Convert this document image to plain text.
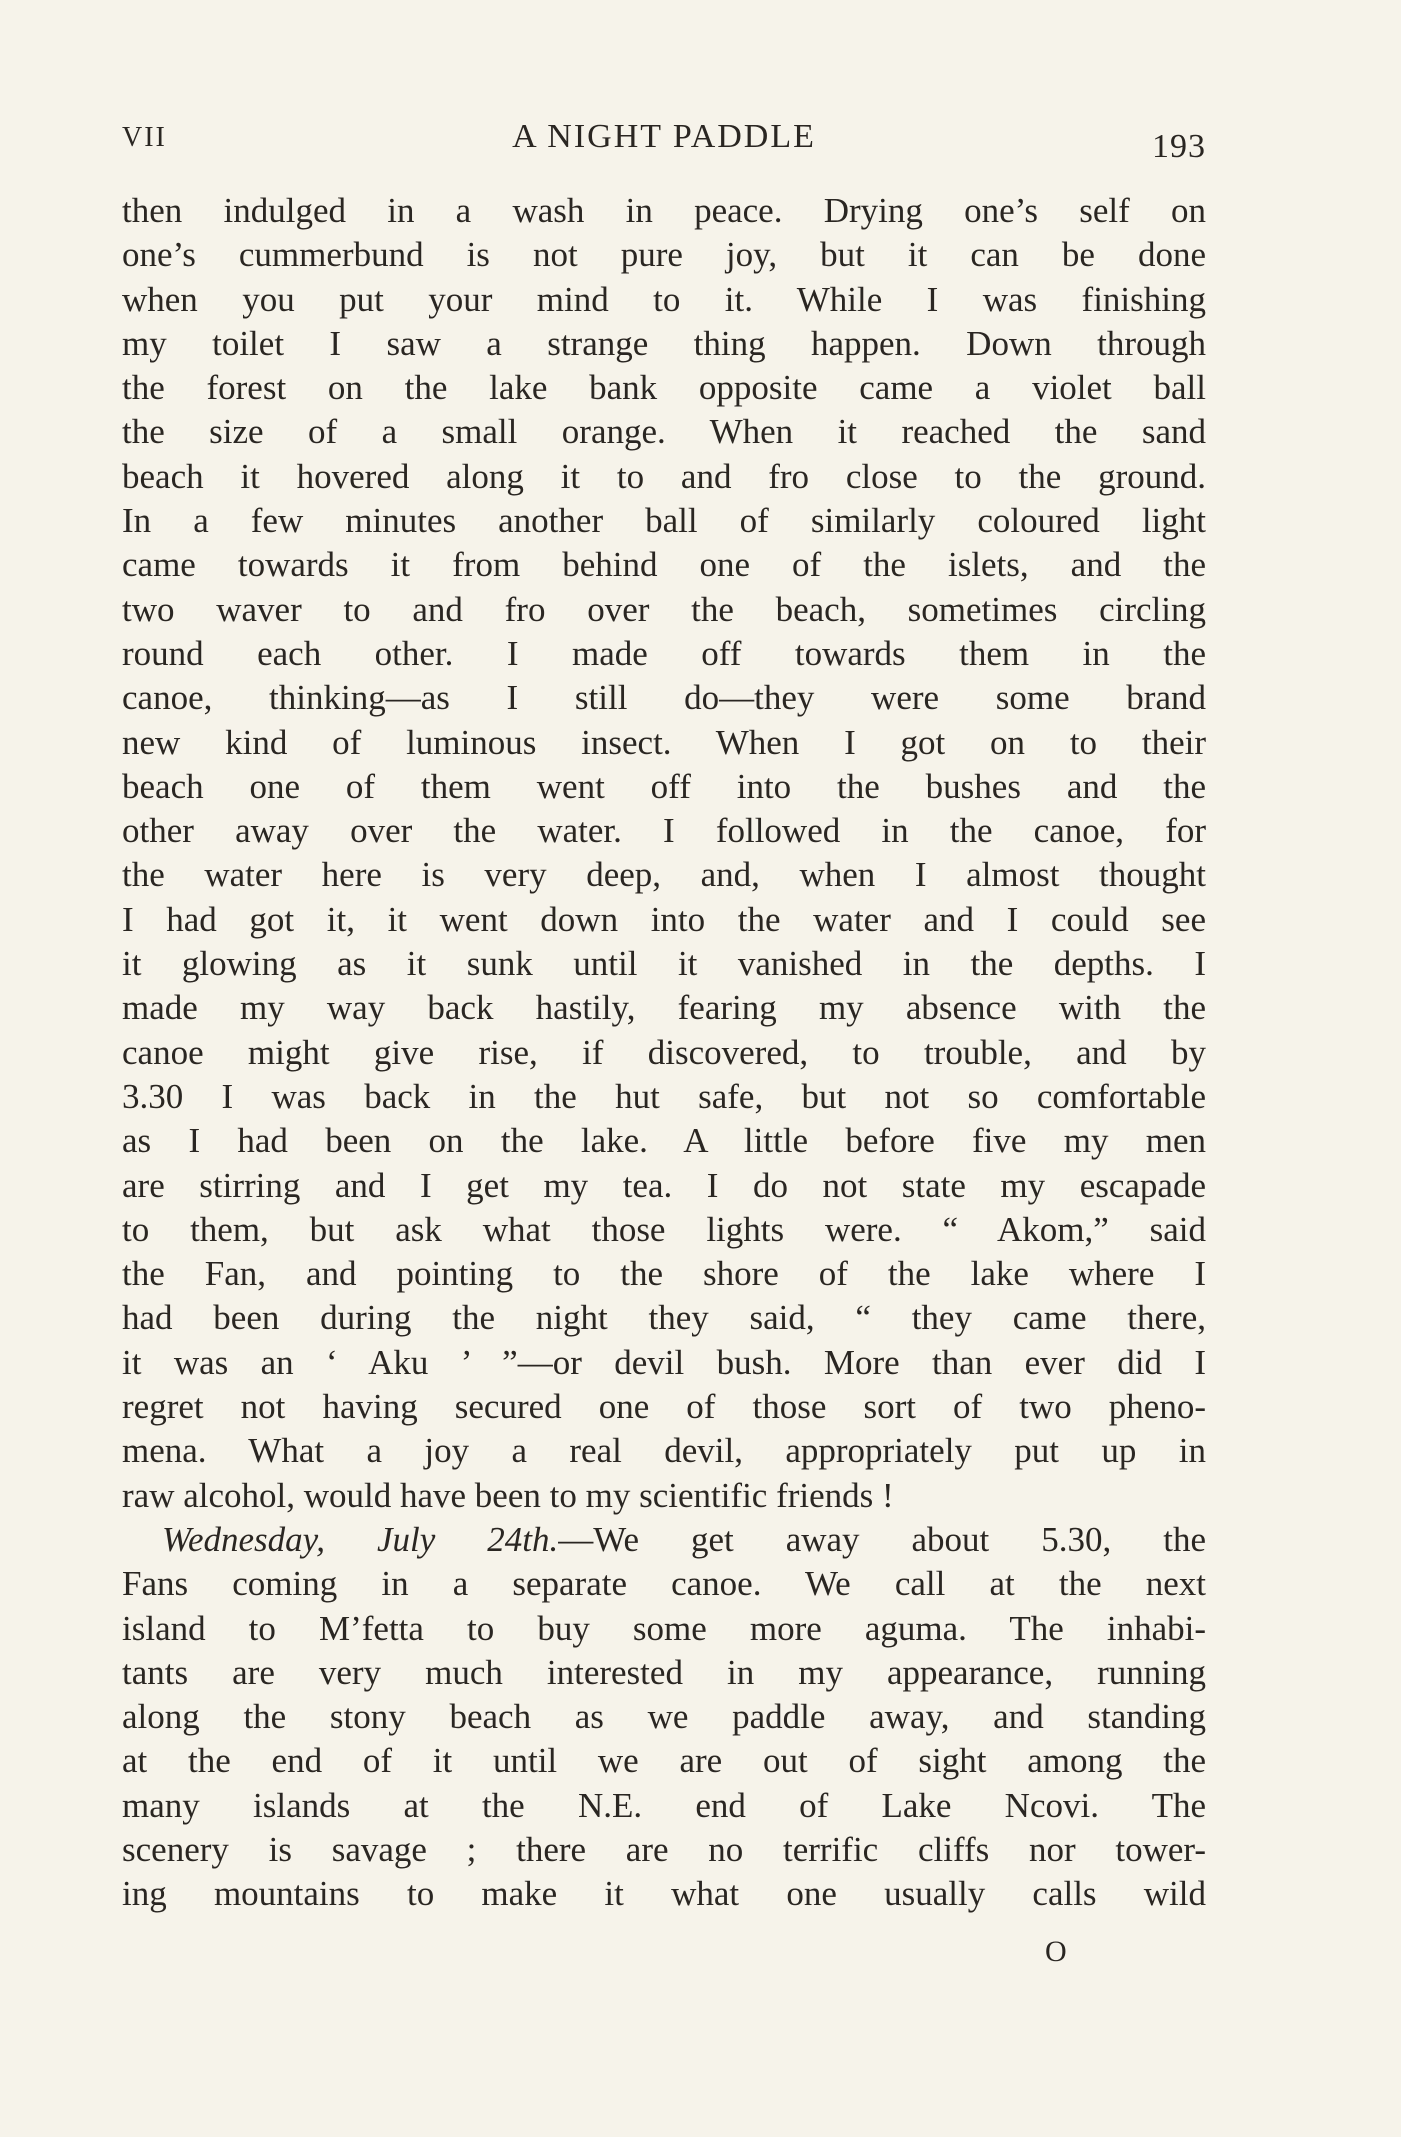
VII	A NIGHT PADDLE	193
then indulged in a wash in peace. Drying one’s self on
one’s cummerbund is not pure joy, but it can be done
when you put your mind to it. While I was finishing
my toilet I saw a strange thing happen. Down through
the forest on the lake bank opposite came a violet ball
the size of a small orange. When it reached the sand
beach it hovered along it to and fro close to the ground.
In a few minutes another ball of similarly coloured light
came towards it from behind one of the islets, and the
two waver to and fro over the beach, sometimes circling
round each other. I made off towards them in the
canoe, thinking—as I still do—they were some brand
new kind of luminous insect. When I got on to their
beach one of them went off into the bushes and the
other away over the water. I followed in the canoe, for
the water here is very deep, and, when I almost thought
I had got it, it went down into the water and I could see
it glowing as it sunk until it vanished in the depths. I
made my way back hastily, fearing my absence with the
canoe might give rise, if discovered, to trouble, and by
3.30 I was back in the hut safe, but not so comfortable
as I had been on the lake. A little before five my men
are stirring and I get my tea. I do not state my escapade
to them, but ask what those lights were. “ Akom,” said
the Fan, and pointing to the shore of the lake where I
had been during the night they said, “ they came there,
it was an ‘ Aku ’ ”—or devil bush. More than ever did I
regret not having secured one of those sort of two pheno-
mena. What a joy a real devil, appropriately put up in
raw alcohol, would have been to my scientific friends !
Wednesday, July 24th.—We get away about 5.30, the
Fans coming in a separate canoe. We call at the next
island to M’fetta to buy some more aguma. The inhabi-
tants are very much interested in my appearance, running
along the stony beach as we paddle away, and standing
at the end of it until we are out of sight among the
many islands at the N.E. end of Lake Ncovi. The
scenery is savage ; there are no terrific cliffs nor tower-
ing mountains to make it what one usually calls wild
O
